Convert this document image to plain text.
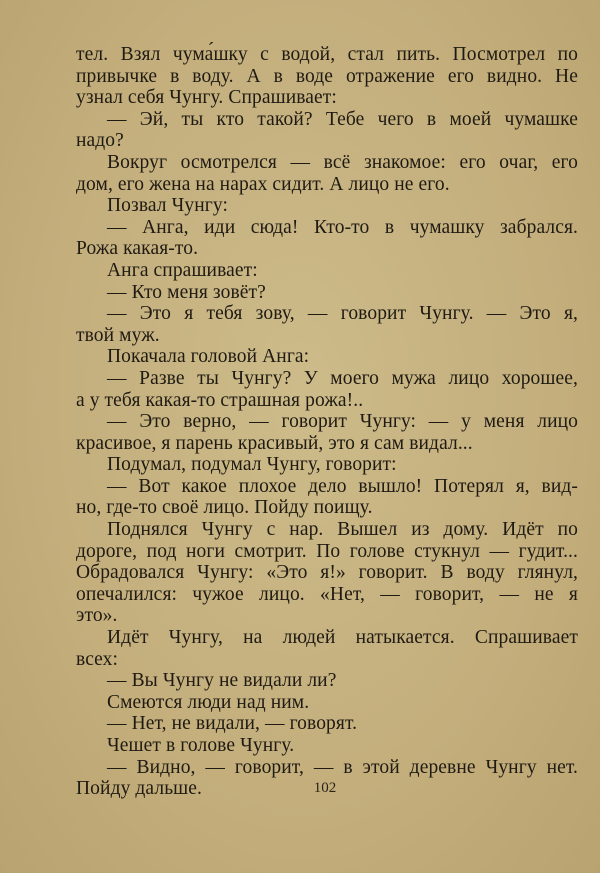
тел. Взял чума́шку с водой, стал пить. Посмотрел по
привычке в воду. А в воде отражение его видно. Не
узнал себя Чунгу. Спрашивает:
— Эй, ты кто такой? Тебе чего в моей чумашке
надо?
Вокруг осмотрелся — всё знакомое: его очаг, его
дом, его жена на нарах сидит. А лицо не его.
Позвал Чунгу:
— Анга, иди сюда! Кто-то в чумашку забрался.
Рожа какая-то.
Анга спрашивает:
— Кто меня зовёт?
— Это я тебя зову, — говорит Чунгу. — Это я,
твой муж.
Покачала головой Анга:
— Разве ты Чунгу? У моего мужа лицо хорошее,
а у тебя какая-то страшная рожа!..
— Это верно, — говорит Чунгу: — у меня лицо
красивое, я парень красивый, это я сам видал...
Подумал, подумал Чунгу, говорит:
— Вот какое плохое дело вышло! Потерял я, вид-
но, где-то своё лицо. Пойду поищу.
Поднялся Чунгу с нар. Вышел из дому. Идёт по
дороге, под ноги смотрит. По голове стукнул — гудит...
Обрадовался Чунгу: «Это я!» говорит. В воду глянул,
опечалился: чужое лицо. «Нет, — говорит, — не я
это».
Идёт Чунгу, на людей натыкается. Спрашивает
всех:
— Вы Чунгу не видали ли?
Смеются люди над ним.
— Нет, не видали, — говорят.
Чешет в голове Чунгу.
— Видно, — говорит, — в этой деревне Чунгу нет.
Пойду дальше.	102
